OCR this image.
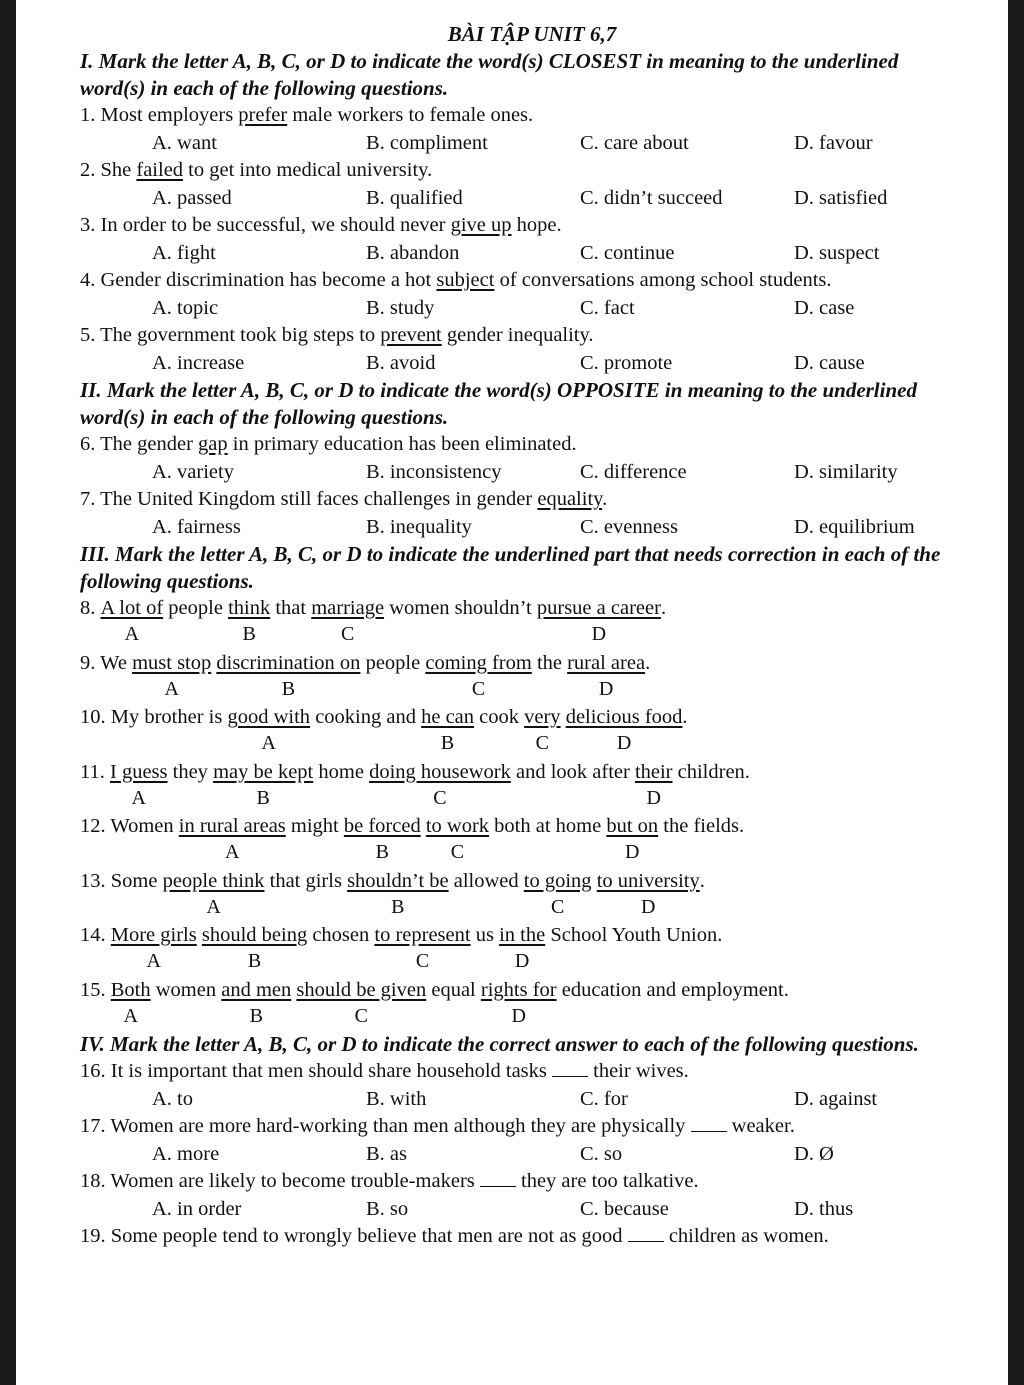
BÀI TẬP UNIT 6,7
I. Mark the letter A, B, C, or D to indicate the word(s) CLOSEST in meaning to the underlined word(s) in each of the following questions.
1. Most employers prefer male workers to female ones.
A. want	B. compliment	C. care about	D. favour
2. She failed to get into medical university.
A. passed	B. qualified	C. didn’t succeed	D. satisfied
3. In order to be successful, we should never give up hope.
A. fight	B. abandon	C. continue	D. suspect
4. Gender discrimination has become a hot subject of conversations among school students.
A. topic	B. study	C. fact	D. case
5. The government took big steps to prevent gender inequality.
A. increase	B. avoid	C. promote	D. cause
II. Mark the letter A, B, C, or D to indicate the word(s) OPPOSITE in meaning to the underlined word(s) in each of the following questions.
6. The gender gap in primary education has been eliminated.
A. variety	B. inconsistency	C. difference	D. similarity
7. The United Kingdom still faces challenges in gender equality.
A. fairness	B. inequality	C. evenness	D. equilibrium
III. Mark the letter A, B, C, or D to indicate the underlined part that needs correction in each of the following questions.
8. A lot of
A
people think
B
that marriage
C
women shouldn’t pursue a career
D
.
9. We must stop
A
discrimination on
B
people coming from
C
the rural area
D
.
10. My brother is good with
A
cooking and he can
B
cook very
C
delicious food
D
.
11. I guess
A
they may be kept
B
home doing housework
C
and look after their
D
children.
12. Women in rural areas
A
might be forced
B
to work
C
both at home but on
D
the fields.
13. Some people think
A
that girls shouldn’t be
B
allowed to going
C
to university
D
.
14. More girls
A
should being
B
chosen to represent
C
us in the
D
School Youth Union.
15. Both
A
women and men
B
should be given
C
equal rights for
D
education and employment.
IV. Mark the letter A, B, C, or D to indicate the correct answer to each of the following questions.
16. It is important that men should share household tasks  their wives.
A. to	B. with	C. for	D. against
17. Women are more hard-working than men although they are physically  weaker.
A. more	B. as	C. so	D. Ø
18. Women are likely to become trouble-makers  they are too talkative.
A. in order	B. so	C. because	D. thus
19. Some people tend to wrongly believe that men are not as good  children as women.
